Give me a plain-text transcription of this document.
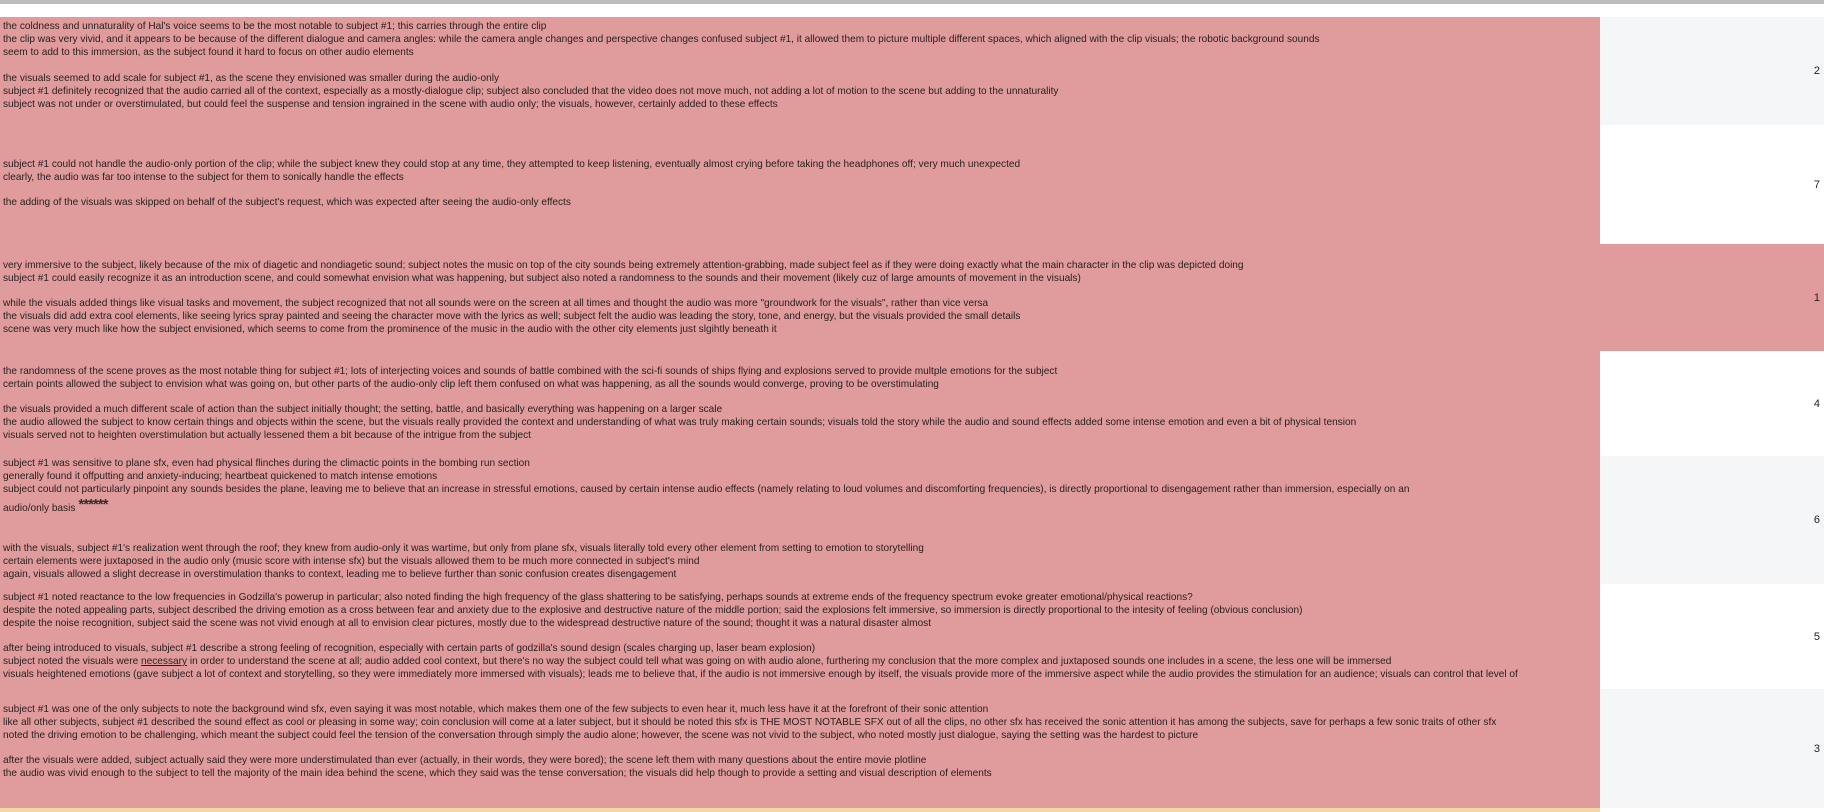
the coldness and unnaturality of Hal's voice seems to be the most notable to subject #1; this carries through the entire clip
the clip was very vivid, and it appears to be because of the different dialogue and camera angles: while the camera angle changes and perspective changes confused subject #1, it allowed them to picture multiple different spaces, which aligned with the clip visuals; the robotic background sounds
seem to add to this immersion, as the subject found it hard to focus on other audio elements
the visuals seemed to add scale for subject #1, as the scene they envisioned was smaller during the audio-only
subject #1 definitely recognized that the audio carried all of the context, especially as a mostly-dialogue clip; subject also concluded that the video does not move much, not adding a lot of motion to the scene but adding to the unnaturality
subject was not under or overstimulated, but could feel the suspense and tension ingrained in the scene with audio only; the visuals, however, certainly added to these effects
2
subject #1 could not handle the audio-only portion of the clip; while the subject knew they could stop at any time, they attempted to keep listening, eventually almost crying before taking the headphones off; very much unexpected
clearly, the audio was far too intense to the subject for them to sonically handle the effects
the adding of the visuals was skipped on behalf of the subject's request, which was expected after seeing the audio-only effects
7
very immersive to the subject, likely because of the mix of diagetic and nondiagetic sound; subject notes the music on top of the city sounds being extremely attention-grabbing, made subject feel as if they were doing exactly what the main character in the clip was depicted doing
subject #1 could easily recognize it as an introduction scene, and could somewhat envision what was happening, but subject also noted a randomness to the sounds and their movement (likely cuz of large amounts of movement in the visuals)
while the visuals added things like visual tasks and movement, the subject recognized that not all sounds were on the screen at all times and thought the audio was more "groundwork for the visuals", rather than vice versa
the visuals did add extra cool elements, like seeing lyrics spray painted and seeing the character move with the lyrics as well; subject felt the audio was leading the story, tone, and energy, but the visuals provided the small details
scene was very much like how the subject envisioned, which seems to come from the prominence of the music in the audio with the other city elements just slgihtly beneath it
1
the randomness of the scene proves as the most notable thing for subject #1; lots of interjecting voices and sounds of battle combined with the sci-fi sounds of ships flying and explosions served to provide multple emotions for the subject
certain points allowed the subject to envision what was going on, but other parts of the audio-only clip left them confused on what was happening, as all the sounds would converge, proving to be overstimulating
the visuals provided a much different scale of action than the subject initially thought; the setting, battle, and basically everything was happening on a larger scale
the audio allowed the subject to know certain things and objects within the scene, but the visuals really provided the context and understanding of what was truly making certain sounds; visuals told the story while the audio and sound effects added some intense emotion and even a bit of physical tension
visuals served not to heighten overstimulation but actually lessened them a bit because of the intrigue from the subject
4
subject #1 was sensitive to plane sfx, even had physical flinches during the climactic points in the bombing run section
generally found it offputting and anxiety-inducing; heartbeat quickened to match intense emotions
subject could not particularly pinpoint any sounds besides the plane, leaving me to believe that an increase in stressful emotions, caused by certain intense audio effects (namely relating to loud volumes and discomforting frequencies), is directly proportional to disengagement rather than immersion, especially on an
audio/only basis ******
with the visuals, subject #1's realization went through the roof; they knew from audio-only it was wartime, but only from plane sfx, visuals literally told every other element from setting to emotion to storytelling
certain elements were juxtaposed in the audio only (music score with intense sfx) but the visuals allowed them to be much more connected in subject's mind
again, visuals allowed a slight decrease in overstimulation thanks to context, leading me to believe further than sonic confusion creates disengagement
6
subject #1 noted reactance to the low frequencies in Godzilla's powerup in particular; also noted finding the high frequency of the glass shattering to be satisfying, perhaps sounds at extreme ends of the frequency spectrum evoke greater emotional/physical reactions?
despite the noted appealing parts, subject described the driving emotion as a cross between fear and anxiety due to the explosive and destructive nature of the middle portion; said the explosions felt immersive, so immersion is directly proportional to the intesity of feeling (obvious conclusion)
despite the noise recognition, subject said the scene was not vivid enough at all to envision clear pictures, mostly due to the widespread destructive nature of the sound; thought it was a natural disaster almost
after being introduced to visuals, subject #1 describe a strong feeling of recognition, especially with certain parts of godzilla's sound design (scales charging up, laser beam explosion)
subject noted the visuals were necessary in order to understand the scene at all; audio added cool context, but there's no way the subject could tell what was going on with audio alone, furthering my conclusion that the more complex and juxtaposed sounds one includes in a scene, the less one will be immersed
visuals heightened emotions (gave subject a lot of context and storytelling, so they were immediately more immersed with visuals); leads me to believe that, if the audio is not immersive enough by itself, the visuals provide more of the immersive aspect while the audio provides the stimulation for an audience; visuals can control that level of
5
subject #1 was one of the only subjects to note the background wind sfx, even saying it was most notable, which makes them one of the few subjects to even hear it, much less have it at the forefront of their sonic attention
like all other subjects, subject #1 described the sound effect as cool or pleasing in some way; coin conclusion will come at a later subject, but it should be noted this sfx is THE MOST NOTABLE SFX out of all the clips, no other sfx has received the sonic attention it has among the subjects, save for perhaps a few sonic traits of other sfx
noted the driving emotion to be challenging, which meant the subject could feel the tension of the conversation through simply the audio alone; however, the scene was not vivid to the subject, who noted mostly just dialogue, saying the setting was the hardest to picture
after the visuals were added, subject actually said they were more understimulated than ever (actually, in their words, they were bored); the scene left them with many questions about the entire movie plotline
the audio was vivid enough to the subject to tell the majority of the main idea behind the scene, which they said was the tense conversation; the visuals did help though to provide a setting and visual description of elements
3
